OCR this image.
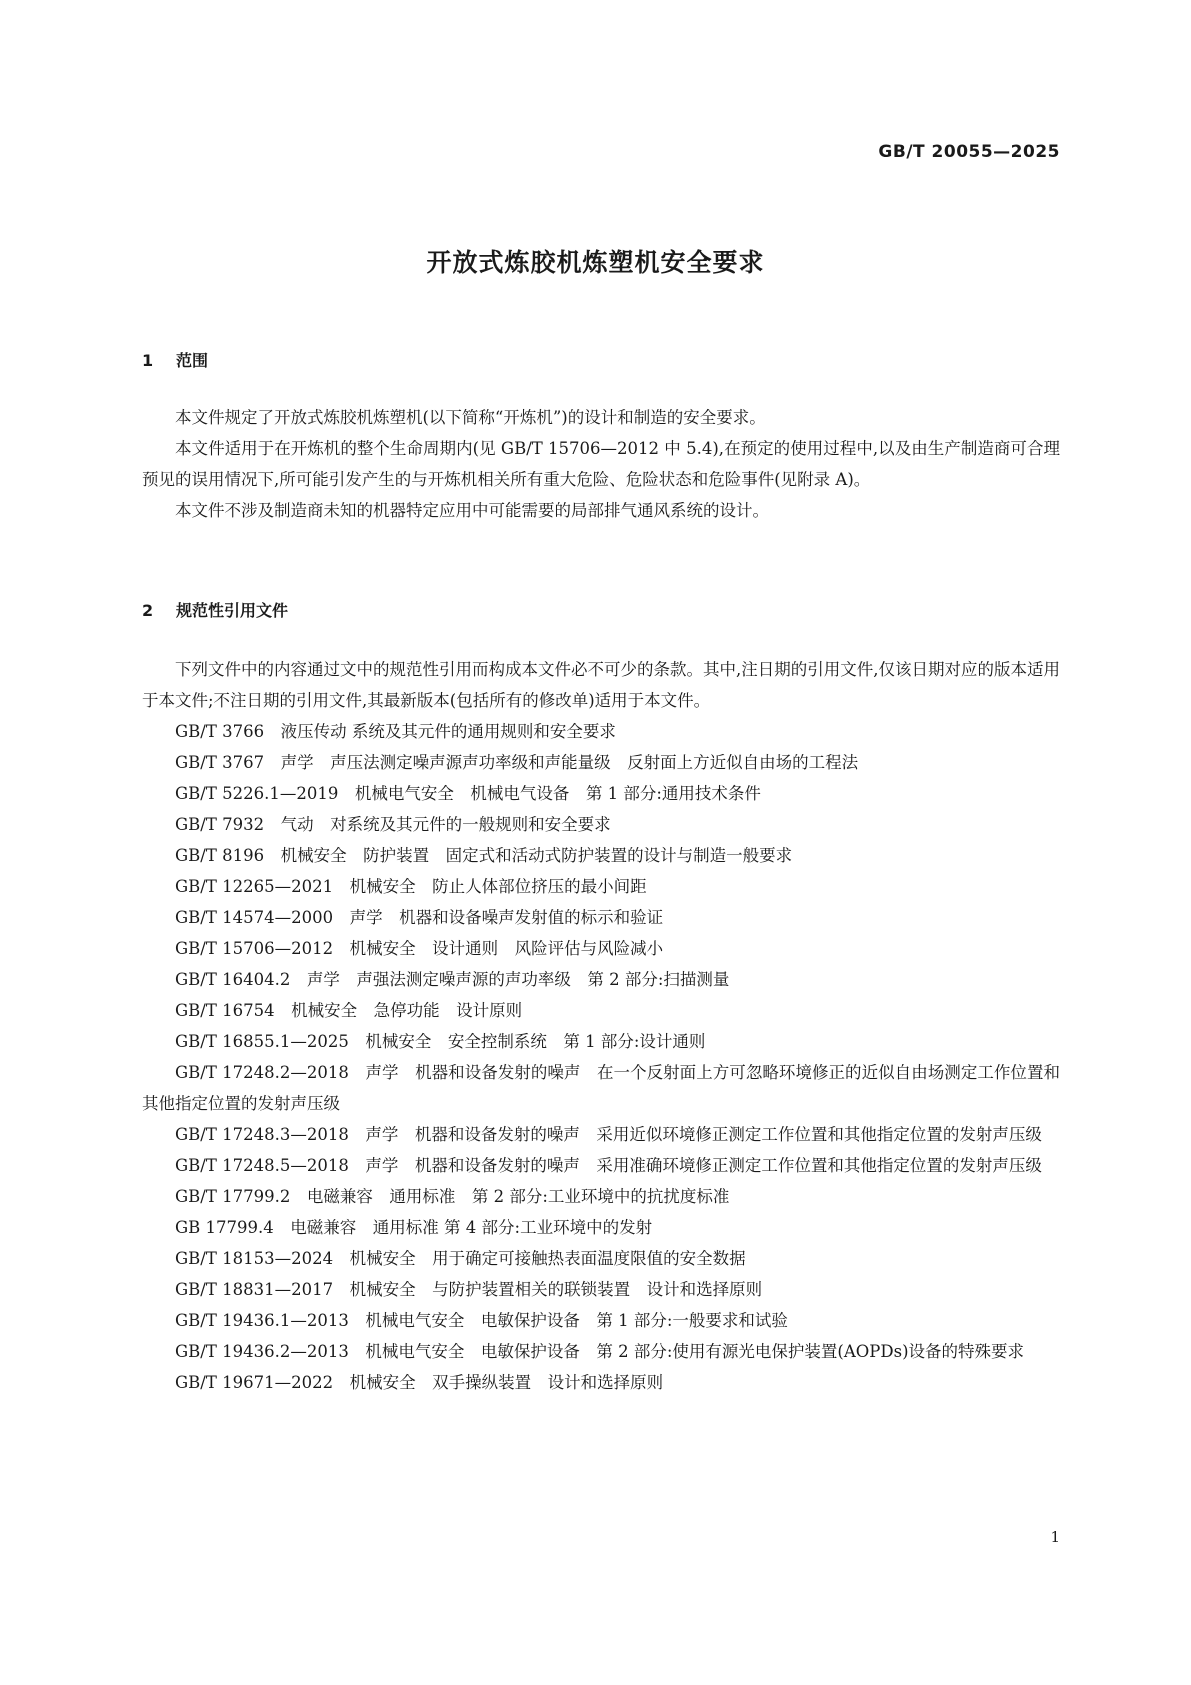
GB/T 20055—2025
开放式炼胶机炼塑机安全要求
1 范围

本文件规定了开放式炼胶机炼塑机(以下简称“开炼机”)的设计和制造的安全要求。

本文件适用于在开炼机的整个生命周期内(见 GB/T 15706—2012 中 5.4),在预定的使用过程中,以及由生产制造商可合理预见的误用情况下,所可能引发产生的与开炼机相关所有重大危险、危险状态和危险事件(见附录 A)。

本文件不涉及制造商未知的机器特定应用中可能需要的局部排气通风系统的设计。

2 规范性引用文件

下列文件中的内容通过文中的规范性引用而构成本文件必不可少的条款。其中,注日期的引用文件,仅该日期对应的版本适用于本文件;不注日期的引用文件,其最新版本(包括所有的修改单)适用于本文件。

GB/T 3766　 液压传动 系统及其元件的通用规则和安全要求

GB/T 3767　 声学　声压法测定噪声源声功率级和声能量级　反射面上方近似自由场的工程法

GB/T 5226.1—2019　 机械电气安全　机械电气设备　第 1 部分:通用技术条件

GB/T 7932　 气动　对系统及其元件的一般规则和安全要求

GB/T 8196　 机械安全　防护装置　固定式和活动式防护装置的设计与制造一般要求

GB/T 12265—2021　 机械安全　防止人体部位挤压的最小间距

GB/T 14574—2000　 声学　机器和设备噪声发射值的标示和验证

GB/T 15706—2012　 机械安全　设计通则　风险评估与风险减小

GB/T 16404.2　 声学　声强法测定噪声源的声功率级　第 2 部分:扫描测量

GB/T 16754　 机械安全　急停功能　设计原则

GB/T 16855.1—2025　 机械安全　安全控制系统　第 1 部分:设计通则

GB/T 17248.2—2018　 声学　机器和设备发射的噪声　在一个反射面上方可忽略环境修正的近似自由场测定工作位置和其他指定位置的发射声压级

GB/T 17248.3—2018　 声学　机器和设备发射的噪声　采用近似环境修正测定工作位置和其他指定位置的发射声压级

GB/T 17248.5—2018　 声学　机器和设备发射的噪声　采用准确环境修正测定工作位置和其他指定位置的发射声压级

GB/T 17799.2　 电磁兼容　通用标准　第 2 部分:工业环境中的抗扰度标准

GB 17799.4　 电磁兼容　通用标准 第 4 部分:工业环境中的发射

GB/T 18153—2024　 机械安全　用于确定可接触热表面温度限值的安全数据

GB/T 18831—2017　 机械安全　与防护装置相关的联锁装置　设计和选择原则

GB/T 19436.1—2013　 机械电气安全　电敏保护设备　第 1 部分:一般要求和试验

GB/T 19436.2—2013　 机械电气安全　电敏保护设备　第 2 部分:使用有源光电保护装置(AOPDs)设备的特殊要求

GB/T 19671—2022　 机械安全　双手操纵装置　设计和选择原则

1
